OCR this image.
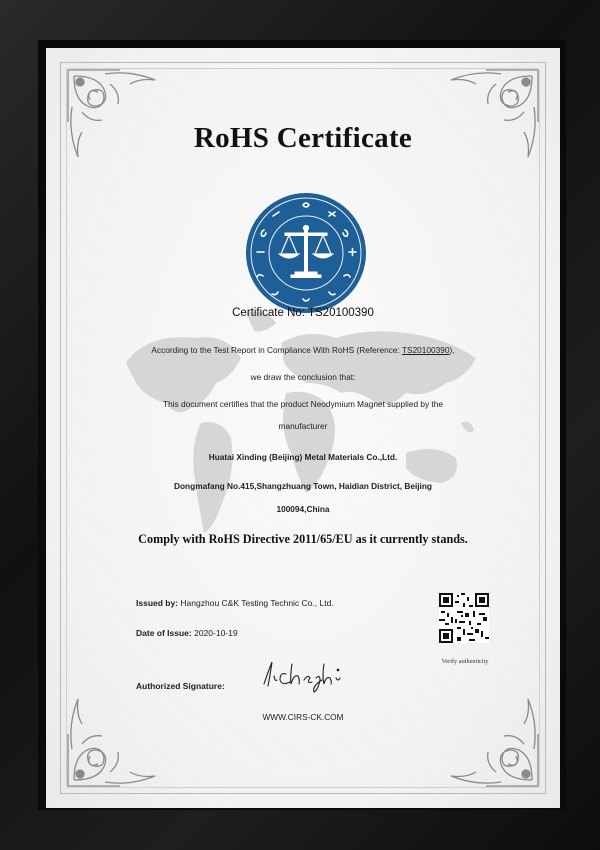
RoHS Certificate
Certificate No: TS20100390
According to the Test Report in Compliance With RoHS (Reference: TS20100390),
we draw the conclusion that:
This document certifies that the product Neodymium Magnet supplied by the
manufacturer
Huatai Xinding (Beijing) Metal Materials Co.,Ltd.
Dongmafang No.415,Shangzhuang Town, Haidian District, Beijing
100094,China
Comply with RoHS Directive 2011/65/EU as it currently stands.
Issued by: Hangzhou C&K Testing Technic Co., Ltd.
Date of Issue: 2020-10-19
Authorized Signature:
Verify authenticity
WWW.CIRS-CK.COM
